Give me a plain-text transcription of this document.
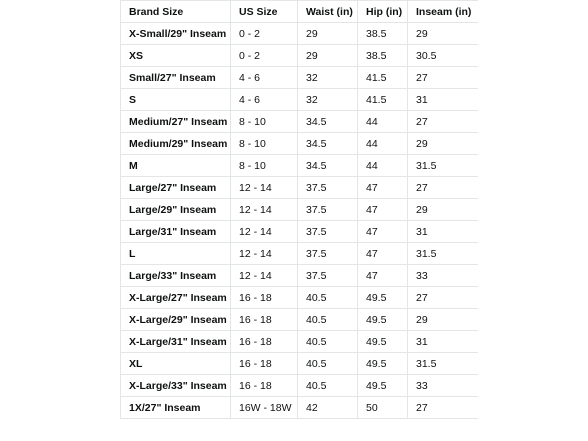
Brand Size	US Size	Waist (in)	Hip (in)	Inseam (in)
X-Small/29" Inseam	0 - 2	29	38.5	29
XS	0 - 2	29	38.5	30.5
Small/27" Inseam	4 - 6	32	41.5	27
S	4 - 6	32	41.5	31
Medium/27" Inseam	8 - 10	34.5	44	27
Medium/29" Inseam	8 - 10	34.5	44	29
M	8 - 10	34.5	44	31.5
Large/27" Inseam	12 - 14	37.5	47	27
Large/29" Inseam	12 - 14	37.5	47	29
Large/31" Inseam	12 - 14	37.5	47	31
L	12 - 14	37.5	47	31.5
Large/33" Inseam	12 - 14	37.5	47	33
X-Large/27" Inseam	16 - 18	40.5	49.5	27
X-Large/29" Inseam	16 - 18	40.5	49.5	29
X-Large/31" Inseam	16 - 18	40.5	49.5	31
XL	16 - 18	40.5	49.5	31.5
X-Large/33" Inseam	16 - 18	40.5	49.5	33
1X/27" Inseam	16W - 18W	42	50	27
